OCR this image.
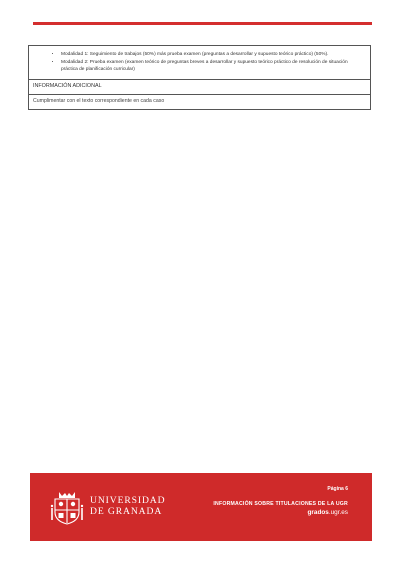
• Modalidad 1: Seguimiento de trabajos (50%) más prueba examen (preguntas a desarrollar y supuesto teórico práctico) (50%).
• Modalidad 2: Prueba examen (examen teórico de preguntas breves a desarrollar y supuesto teórico práctico de resolución de situación práctica de planificación curricular)
INFORMACIÓN ADICIONAL
Cumplimentar con el texto correspondiente en cada caso
UNIVERSIDAD
DE GRANADA
Página 6
INFORMACIÓN SOBRE TITULACIONES DE LA UGR
grados.ugr.es
